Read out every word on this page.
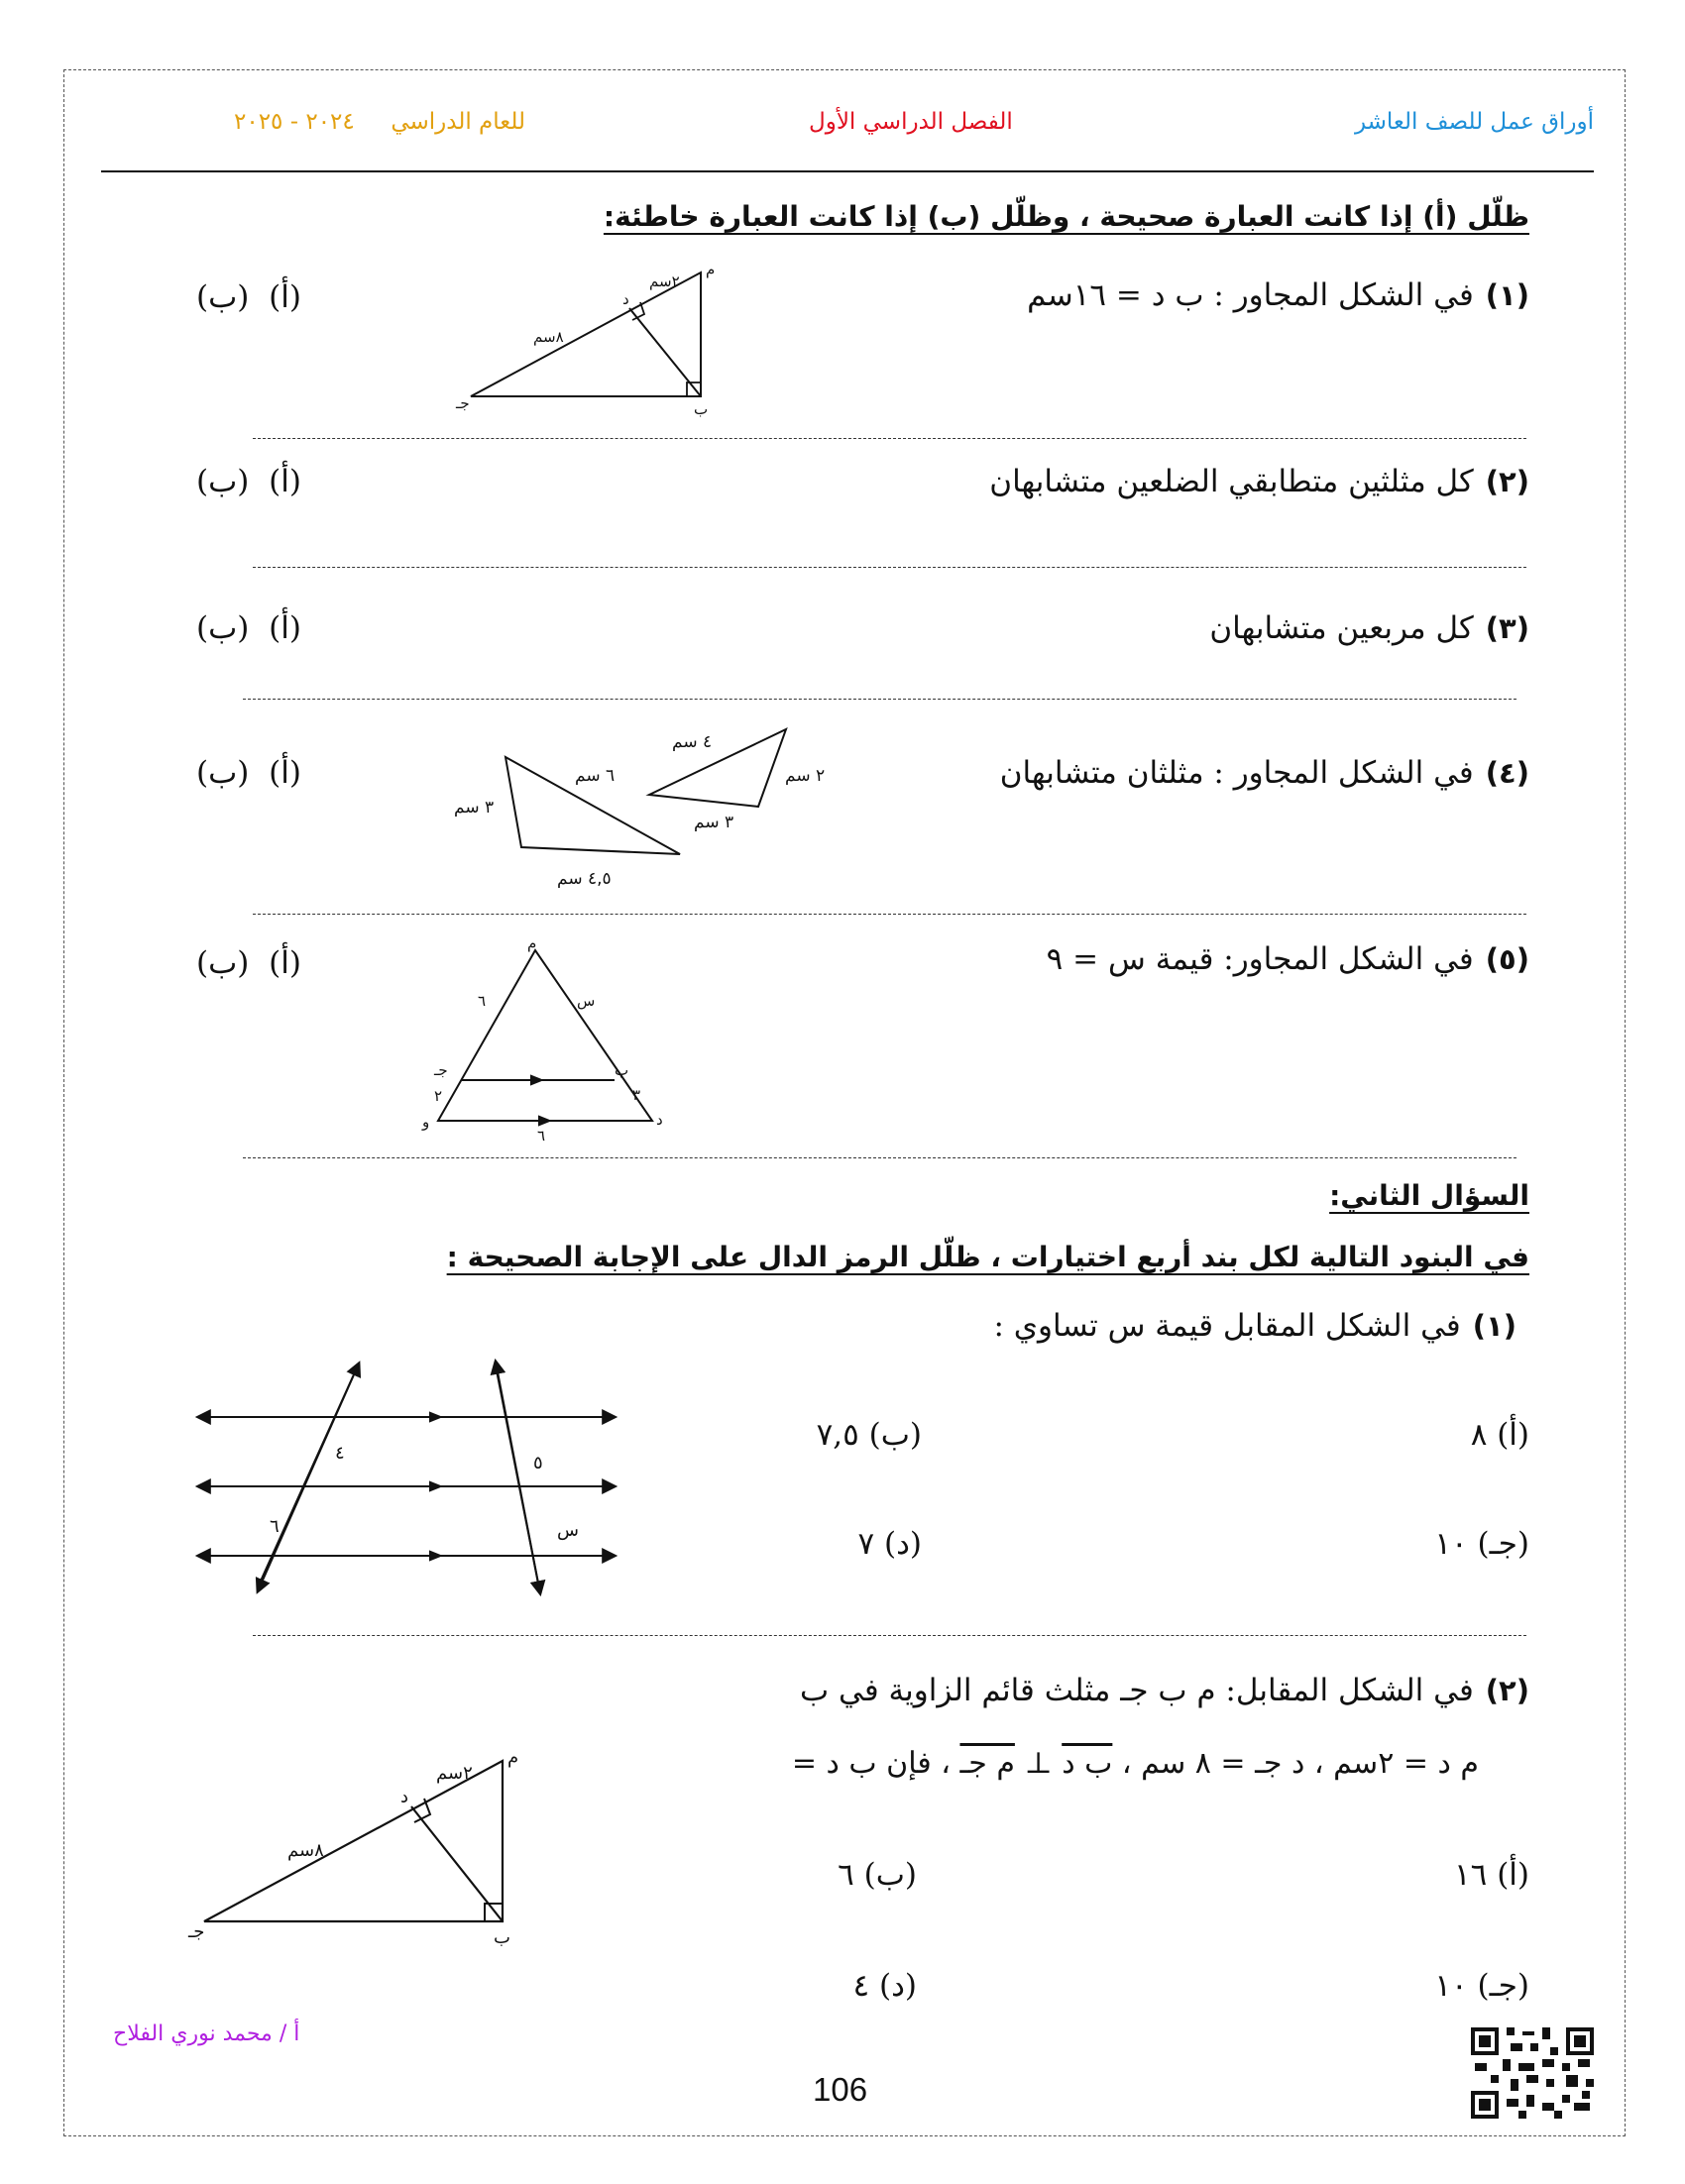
أوراق عمل للصف العاشر
الفصل الدراسي الأول
للعام الدراسي     ٢٠٢٤ - ٢٠٢٥
ظلّل (أ) إذا كانت العبارة صحيحة ، وظلّل (ب) إذا كانت العبارة خاطئة:
(١)في الشكل المجاور : ب د = ١٦سم
(ب) (أ)
م
ب
جـ
د
٢سم
٨سم
(٢)كل مثلثين متطابقي الضلعين متشابهان
(ب) (أ)
(٣)كل مربعين متشابهان
(ب) (أ)
(٤)في الشكل المجاور : مثلثان متشابهان
(ب) (أ)
٤ سم
٢ سم
٣ سم
٦ سم
٣ سم
٤,٥ سم
(٥)في الشكل المجاور: قيمة س = ٩
(ب) (أ)
م
ب
جـ
د
و
٦	س
٣
٢
٦
السؤال الثاني:
في البنود التالية لكل بند أربع اختيارات ، ظلّل الرمز الدال على الإجابة الصحيحة :
(١)في الشكل المقابل قيمة س تساوي :
(أ) ٨
(ب) ٧,٥
(جـ) ١٠
(د) ٧
٤	٥
٦	س
(٢)في الشكل المقابل: م ب جـ مثلث قائم الزاوية في ب
م د = ٢سم ، د جـ = ٨ سم ، ب د ⊥ م جـ ، فإن ب د =
(أ) ١٦
(ب) ٦
(جـ) ١٠
(د) ٤
م
ب
جـ
د
٢سم
٨سم
أ / محمد نوري الفلاح
106
